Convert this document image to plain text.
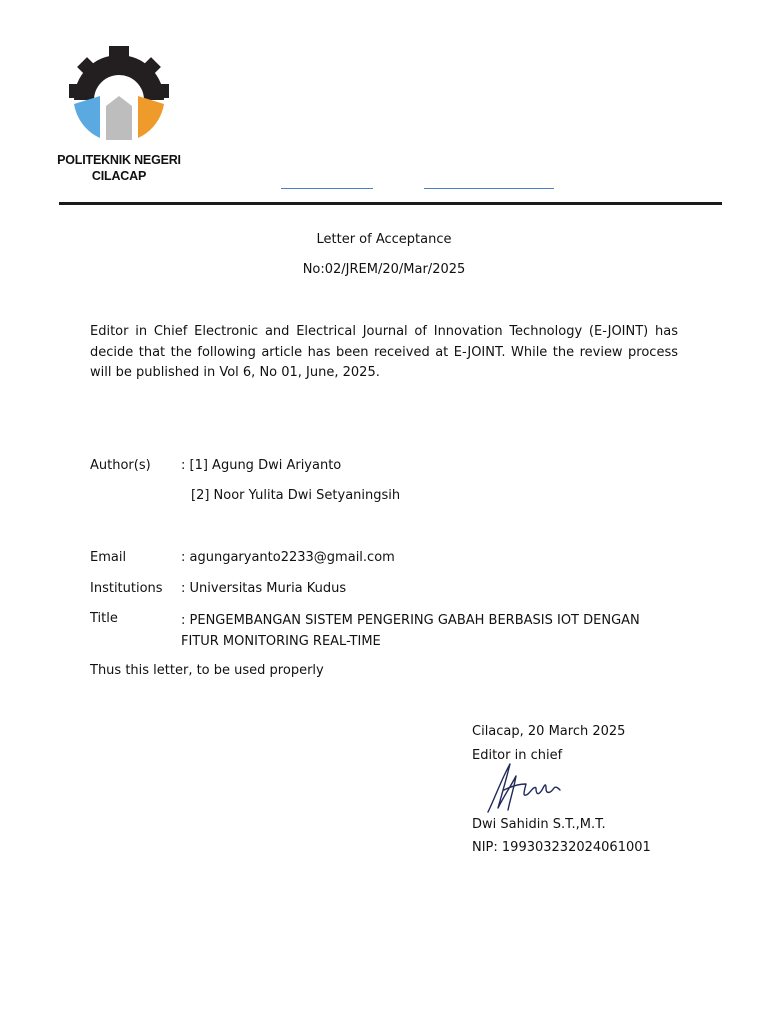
POLITEKNIK NEGERI
CILACAP
Letter of Acceptance
No:02/JREM/20/Mar/2025
Editor in Chief Electronic and Electrical Journal of Innovation Technology (E-JOINT) has decide that the following article has been received at E-JOINT. While the review process will be published in Vol 6, No 01, June, 2025.
Author(s) : [1] Agung Dwi Ariyanto
[2] Noor Yulita Dwi Setyaningsih
Email	: agungaryanto2233@gmail.com
Institutions : Universitas Muria Kudus
Title	: PENGEMBANGAN SISTEM PENGERING GABAH BERBASIS IOT DENGAN FITUR MONITORING REAL-TIME
Thus this letter, to be used properly
Cilacap, 20 March 2025
Editor in chief
Dwi Sahidin S.T.,M.T.
NIP: 199303232024061001
